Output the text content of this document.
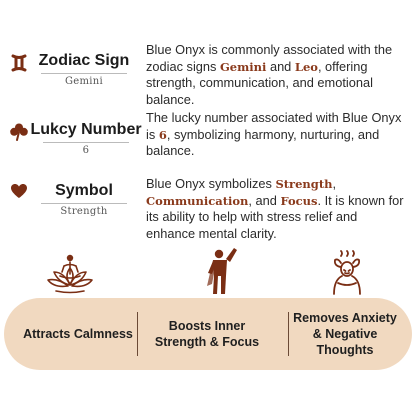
Zodiac Sign
Gemini
Blue Onyx is commonly associated with the zodiac signs Gemini and Leo, offering strength, communication, and emotional balance.
Lukcy Number
6
The lucky number associated with Blue Onyx is 6, symbolizing harmony, nurturing, and balance.
Symbol
Strength
Blue Onyx symbolizes Strength, Communication, and Focus. It is known for its ability to help with stress relief and enhance mental clarity.
Attracts Calmness
Boosts Inner Strength & Focus
Removes Anxiety & Negative Thoughts
